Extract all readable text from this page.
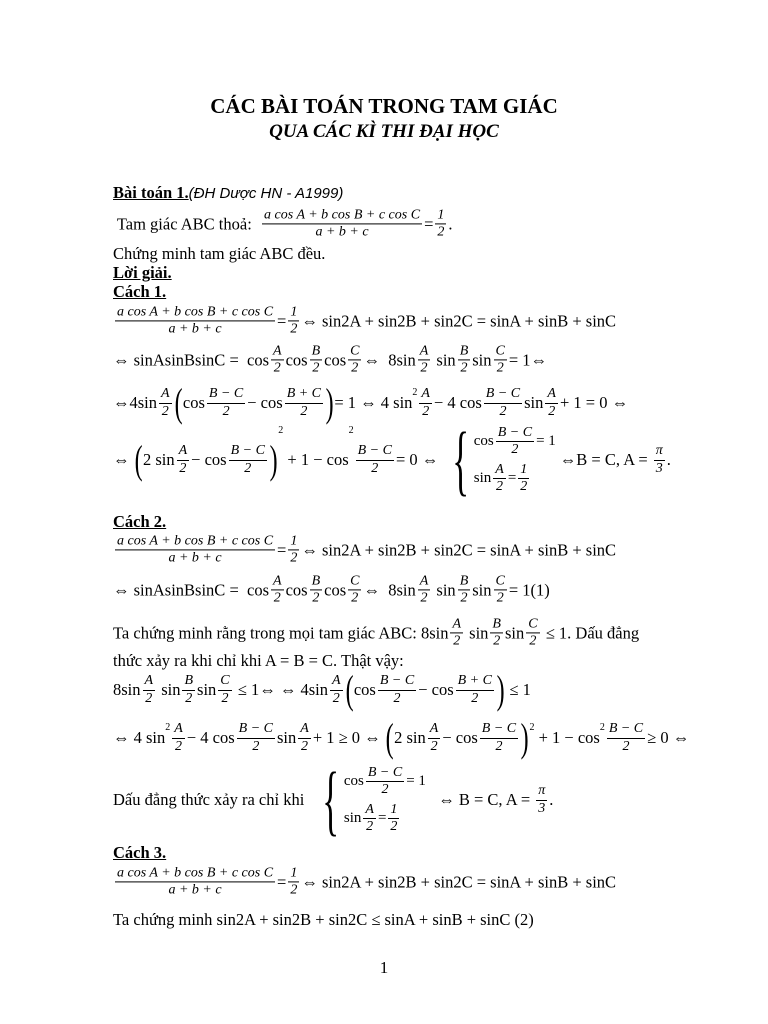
CÁC BÀI TOÁN TRONG TAM GIÁC
QUA CÁC KÌ THI ĐẠI HỌC
Bài toán 1. (ĐH Dược HN - A1999)
Tam giác ABC thoả: $\frac{\text{a cos A + b cos B + c cos C}}{a + b + c} = \frac{1}{2}$ .
Chứng minh tam giác ABC đều.
Lời giải.
Cách 1.
$\frac{\text{a cos A + b cos B + c cos C}}{a + b + c} = \frac{1}{2}$ ⇔ sin2A + sin2B + sin2C = sinA + sinB + sinC
⇔ sinAsinBsinC =  $\cos \frac{A}{2}$ $\cos \frac{B}{2}$ $\cos \frac{C}{2}$ ⇔  $8\sin \frac{A}{2}$ $\sin \frac{B}{2}$ $\sin \frac{C}{2}$ = 1⇔
⇔4sin $\frac{A}{2}$ ( $\cos \frac{B - C}{2} - \cos \frac{B + C}{2}$ ) = 1 ⇔ 4 sin
$2 \frac{A}{2} - 4$ $\cos \frac{B - C}{2}$ $\sin \frac{A}{2} + 1 = 0$ ⇔
⇔ ( 2 $\sin \frac{A}{2} - \cos \frac{B - C}{2}$ )
2
+ 1 − cos
2
$\frac{B - C}{2} = 0$ ⇔
{ $\cos \frac{B - C}{2} = 1$
$\sin \frac{A}{2} = \frac{1}{2}$
⇔B = C, $A = \frac{\pi}{3}$ .
Cách 2.
$\frac{\text{a cos A + b cos B + c cos C}}{a + b + c} = \frac{1}{2}$ ⇔ sin2A + sin2B + sin2C = sinA + sinB + sinC
⇔ sinAsinBsinC =  $\cos \frac{A}{2}$ $\cos \frac{B}{2}$ $\cos \frac{C}{2}$ ⇔  $8\sin \frac{A}{2}$ $\sin \frac{B}{2}$ $\sin \frac{C}{2} = 1(1)$
Ta chứng minh rằng trong mọi tam giác ABC: $8\sin \frac{A}{2}$ $\sin \frac{B}{2}$ $\sin \frac{C}{2} \le 1$. Dấu đẳng
thức xảy ra khi chỉ khi A = B = C. Thật vậy:
$8\sin \frac{A}{2}$ $\sin \frac{B}{2}$ $\sin \frac{C}{2}$ ≤ 1⇔ ⇔ $4\sin \frac{A}{2}$ ( $\cos \frac{B - C}{2} - \cos \frac{B + C}{2}$ ) ≤ 1
⇔ 4 sin
$2 \frac{A}{2} - 4$ $\cos \frac{B - C}{2}$ $\sin \frac{A}{2} + 1 \ge 0$ ⇔ ( 2 $\sin \frac{A}{2} - \cos \frac{B - C}{2}$ ) 2
+ 1 − cos
$2 \frac{B - C}{2} \ge 0$ ⇔
Dấu đẳng thức xảy ra chỉ khi
{ $\cos \frac{B - C}{2} = 1$
$\sin \frac{A}{2} = \frac{1}{2}$
⇔ B = C, $A = \frac{\pi}{3}$ .
Cách 3.
$\frac{\text{a cos A + b cos B + c cos C}}{a + b + c} = \frac{1}{2}$ ⇔ sin2A + sin2B + sin2C = sinA + sinB + sinC
Ta chứng minh sin2A + sin2B + sin2C ≤ sinA + sinB + sinC (2)
1
